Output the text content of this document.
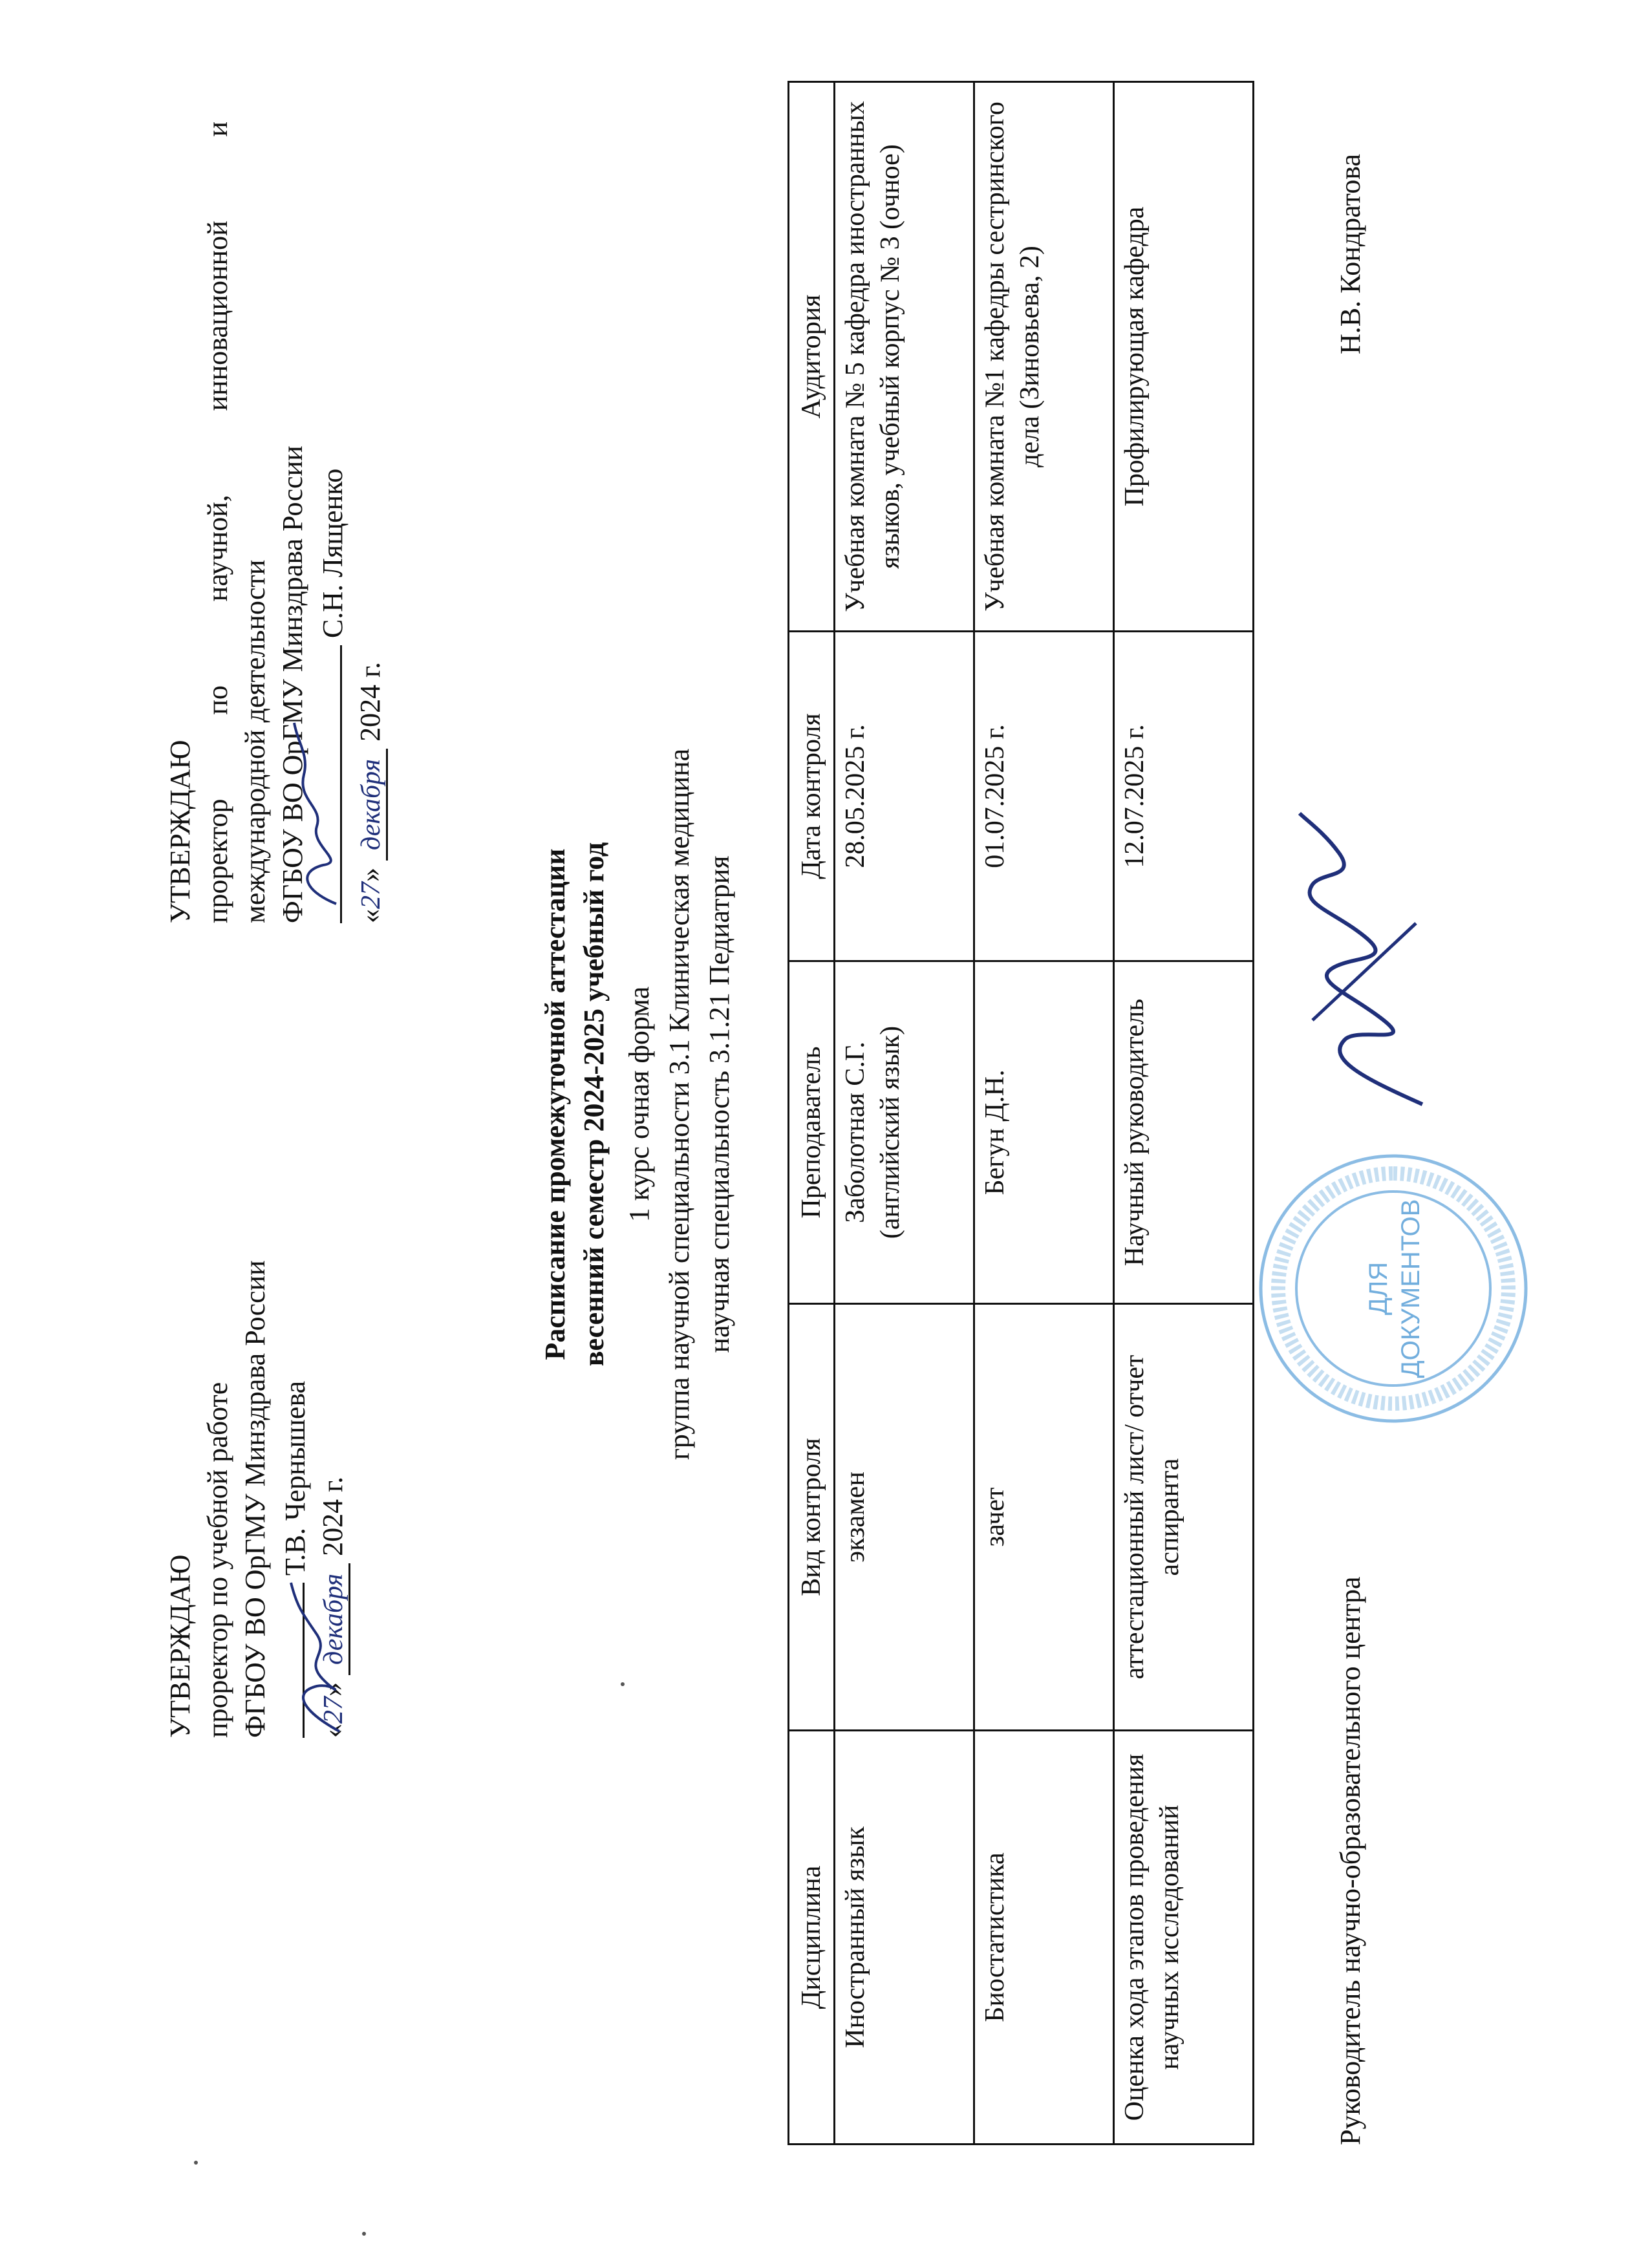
УТВЕРЖДАЮ проректор по учебной работе ФГБОУ ВО ОрГМУ Минздрава России Т.В. Чернышева
«27» декабря 2024 г.
УТВЕРЖДАЮ проректор по научной, инновационной и международной деятельности ФГБОУ ВО ОрГМУ Минздрава России С.Н. Лященко
«27» декабря 2024 г.
Расписание промежуточной аттестации весенний семестр 2024-2025 учебный год 1 курс очная форма группа научной специальности 3.1 Клиническая медицина научная специальность 3.1.21 Педиатрия
Дисциплина	Вид контроля	Преподаватель	Дата контроля	Аудитория
Иностранный язык	экзамен	Заболотная С.Г. (английский язык)	28.05.2025 г.	Учебная комната № 5 кафедра иностранных языков, учебный корпус № 3 (очное)
Биостатистика	зачет	Бегун Д.Н.	01.07.2025 г.	Учебная комната №1 кафедры сестринского дела (Зиновьева, 2)
Оценка хода этапов проведения научных исследований	аттестационный лист/ отчет аспиранта	Научный руководитель	12.07.2025 г.	Профилирующая кафедра
ДЛЯ ДОКУМЕНТОВ
Руководитель научно-образовательного центра
Н.В. Кондратова
